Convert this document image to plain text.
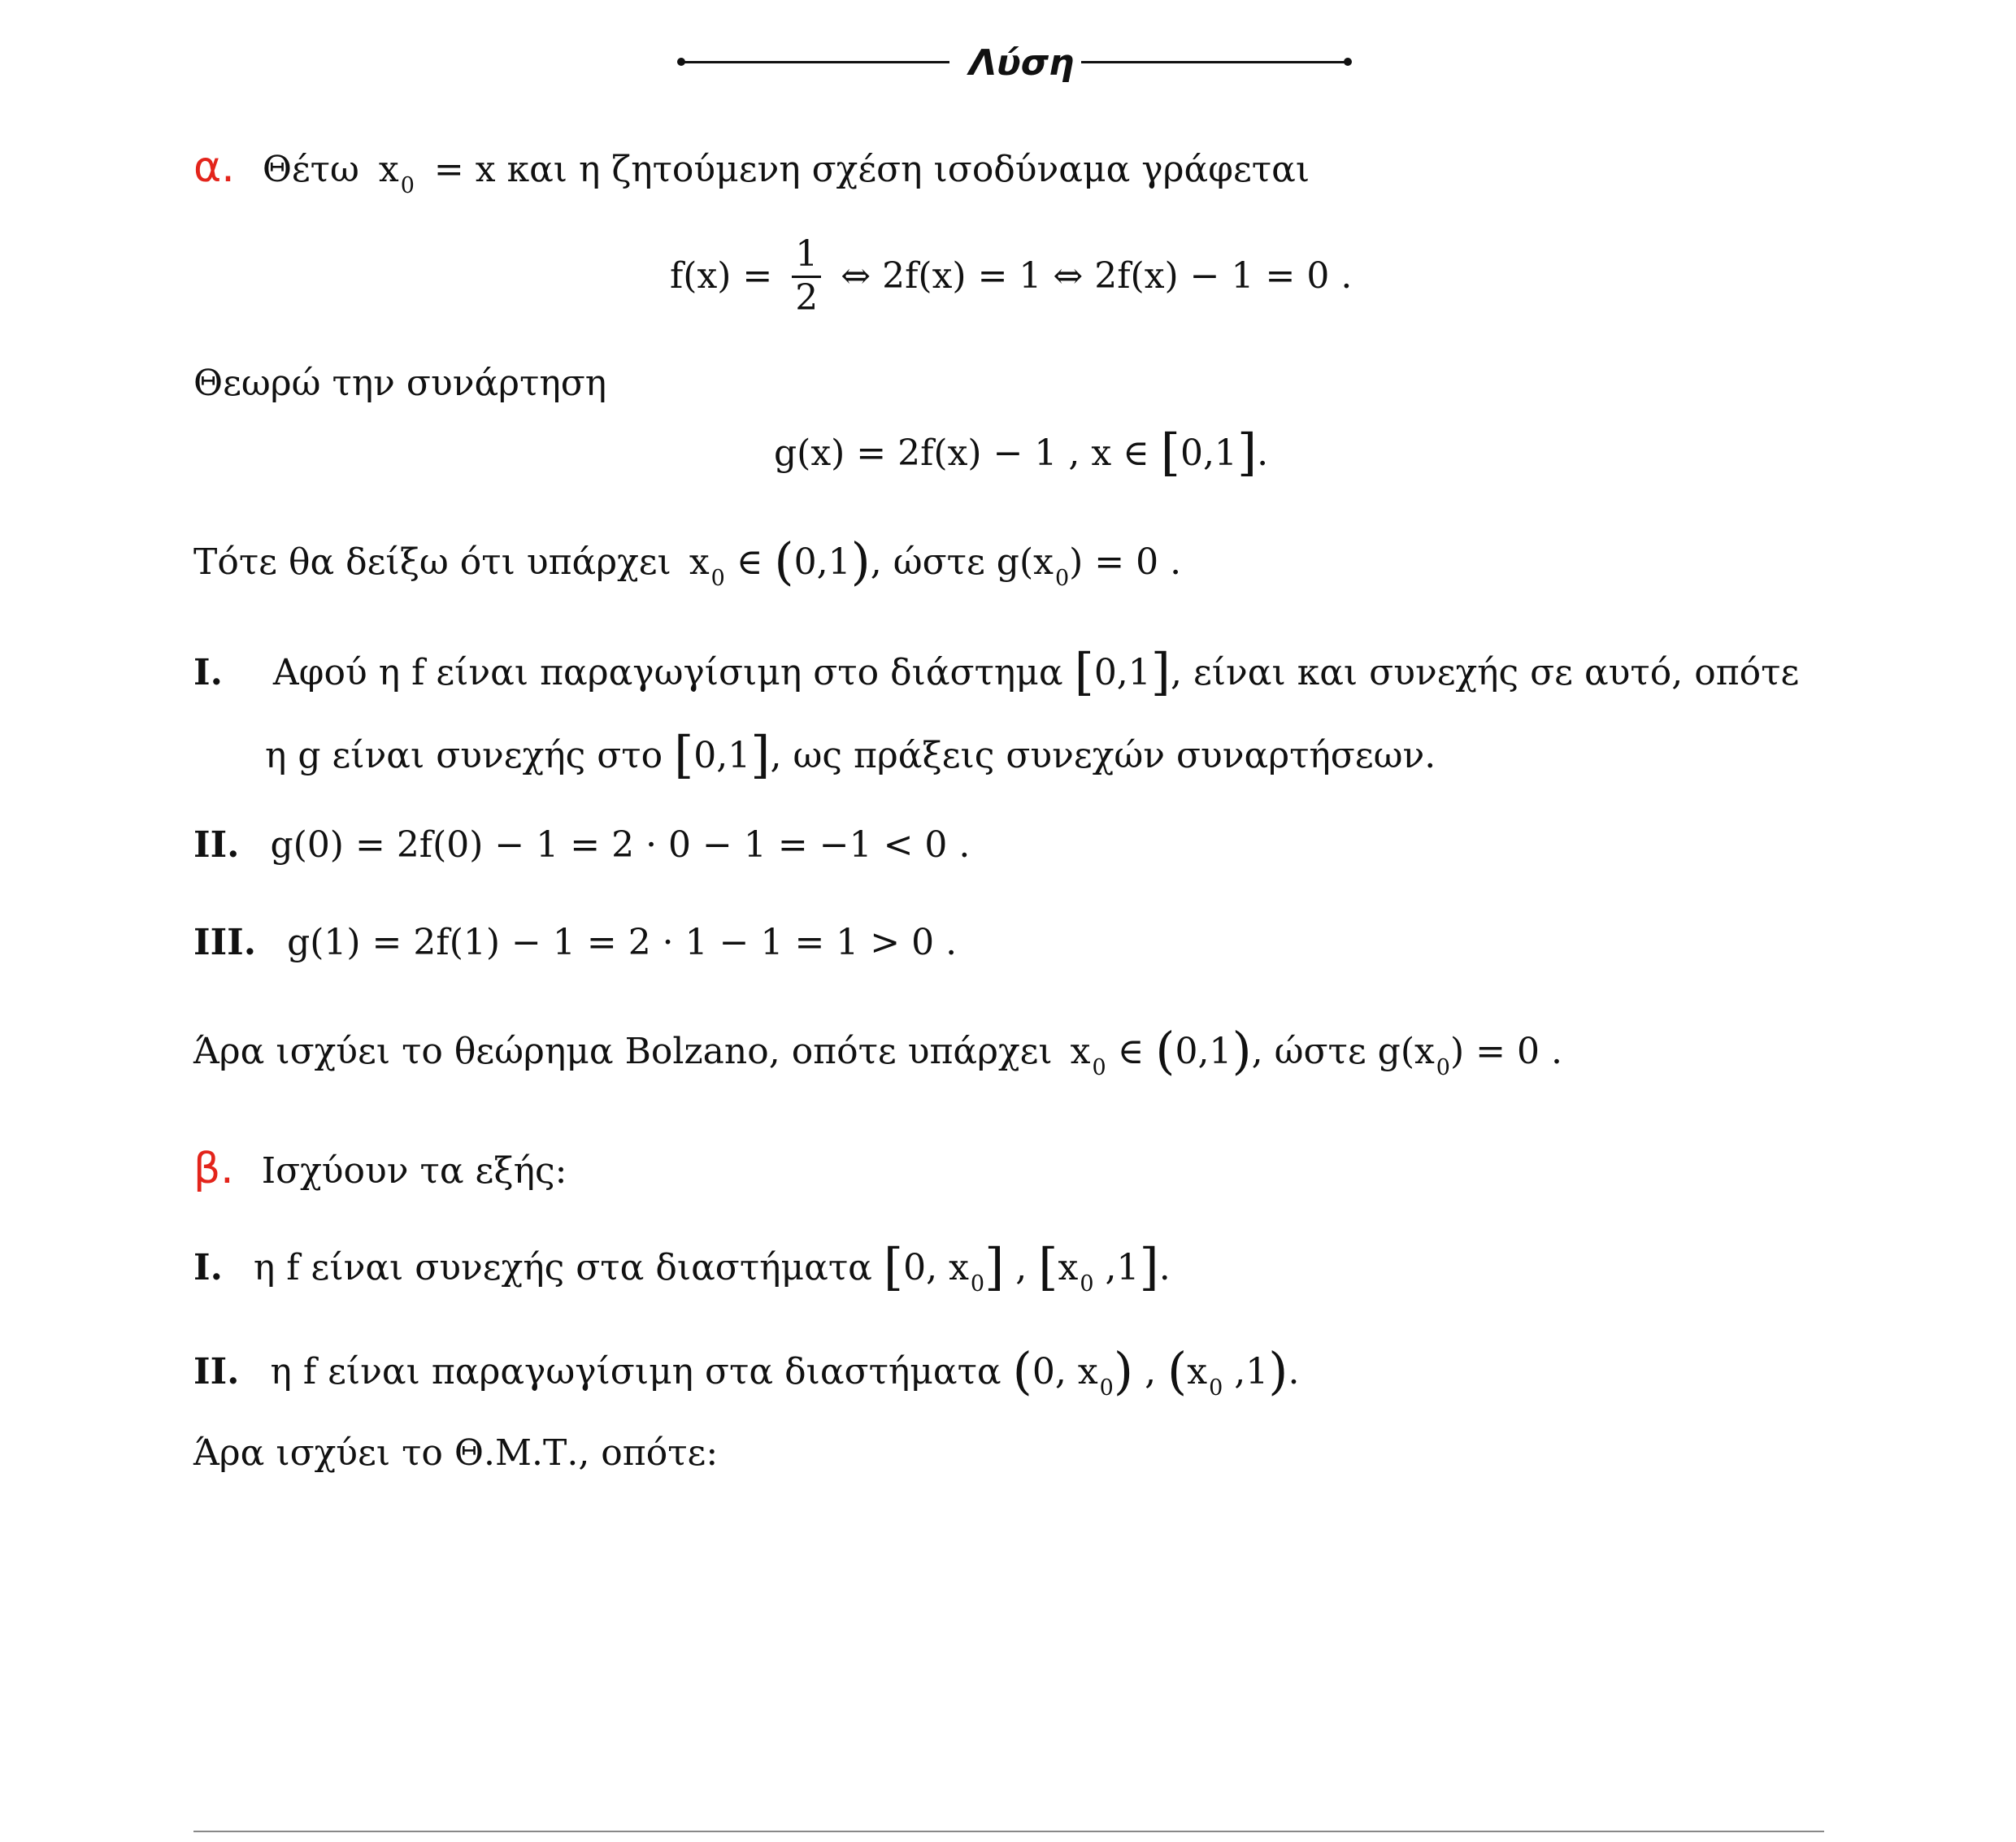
Λύση
α. Θέτω $x_0 = x$ και η ζητούμενη σχέση ισοδύναμα γράφεται
$f(x) = \frac{1}{2}$ ⇔ 2f(x) = 1 ⇔ 2f(x) − 1 = 0 .
Θεωρώ την συνάρτηση
g(x) = 2f(x) − 1 , x ∈ [0,1].
Τότε θα δείξω ότι υπάρχει $x_0$ ∈ (0,1), ώστε $g(x_0) = 0$ .
I. Αφού η f είναι παραγωγίσιμη στο διάστημα [0,1], είναι και συνεχής σε αυτό, οπότε
η g είναι συνεχής στο [0,1], ως πράξεις συνεχών συναρτήσεων.
II. g(0) = 2f(0) − 1 = 2 · 0 − 1 = −1 < 0 .
III. g(1) = 2f(1) − 1 = 2 · 1 − 1 = 1 > 0 .
Άρα ισχύει το θεώρημα Bolzano, οπότε υπάρχει $x_0$ ∈ (0,1), ώστε $g(x_0) = 0$ .
β. Ισχύουν τα εξής:
I. η f είναι συνεχής στα διαστήματα [0, $x_0$] , [$x_0$ ,1].
II. η f είναι παραγωγίσιμη στα διαστήματα (0, $x_0$) , ($x_0$ ,1).
Άρα ισχύει το Θ.Μ.Τ., οπότε:
